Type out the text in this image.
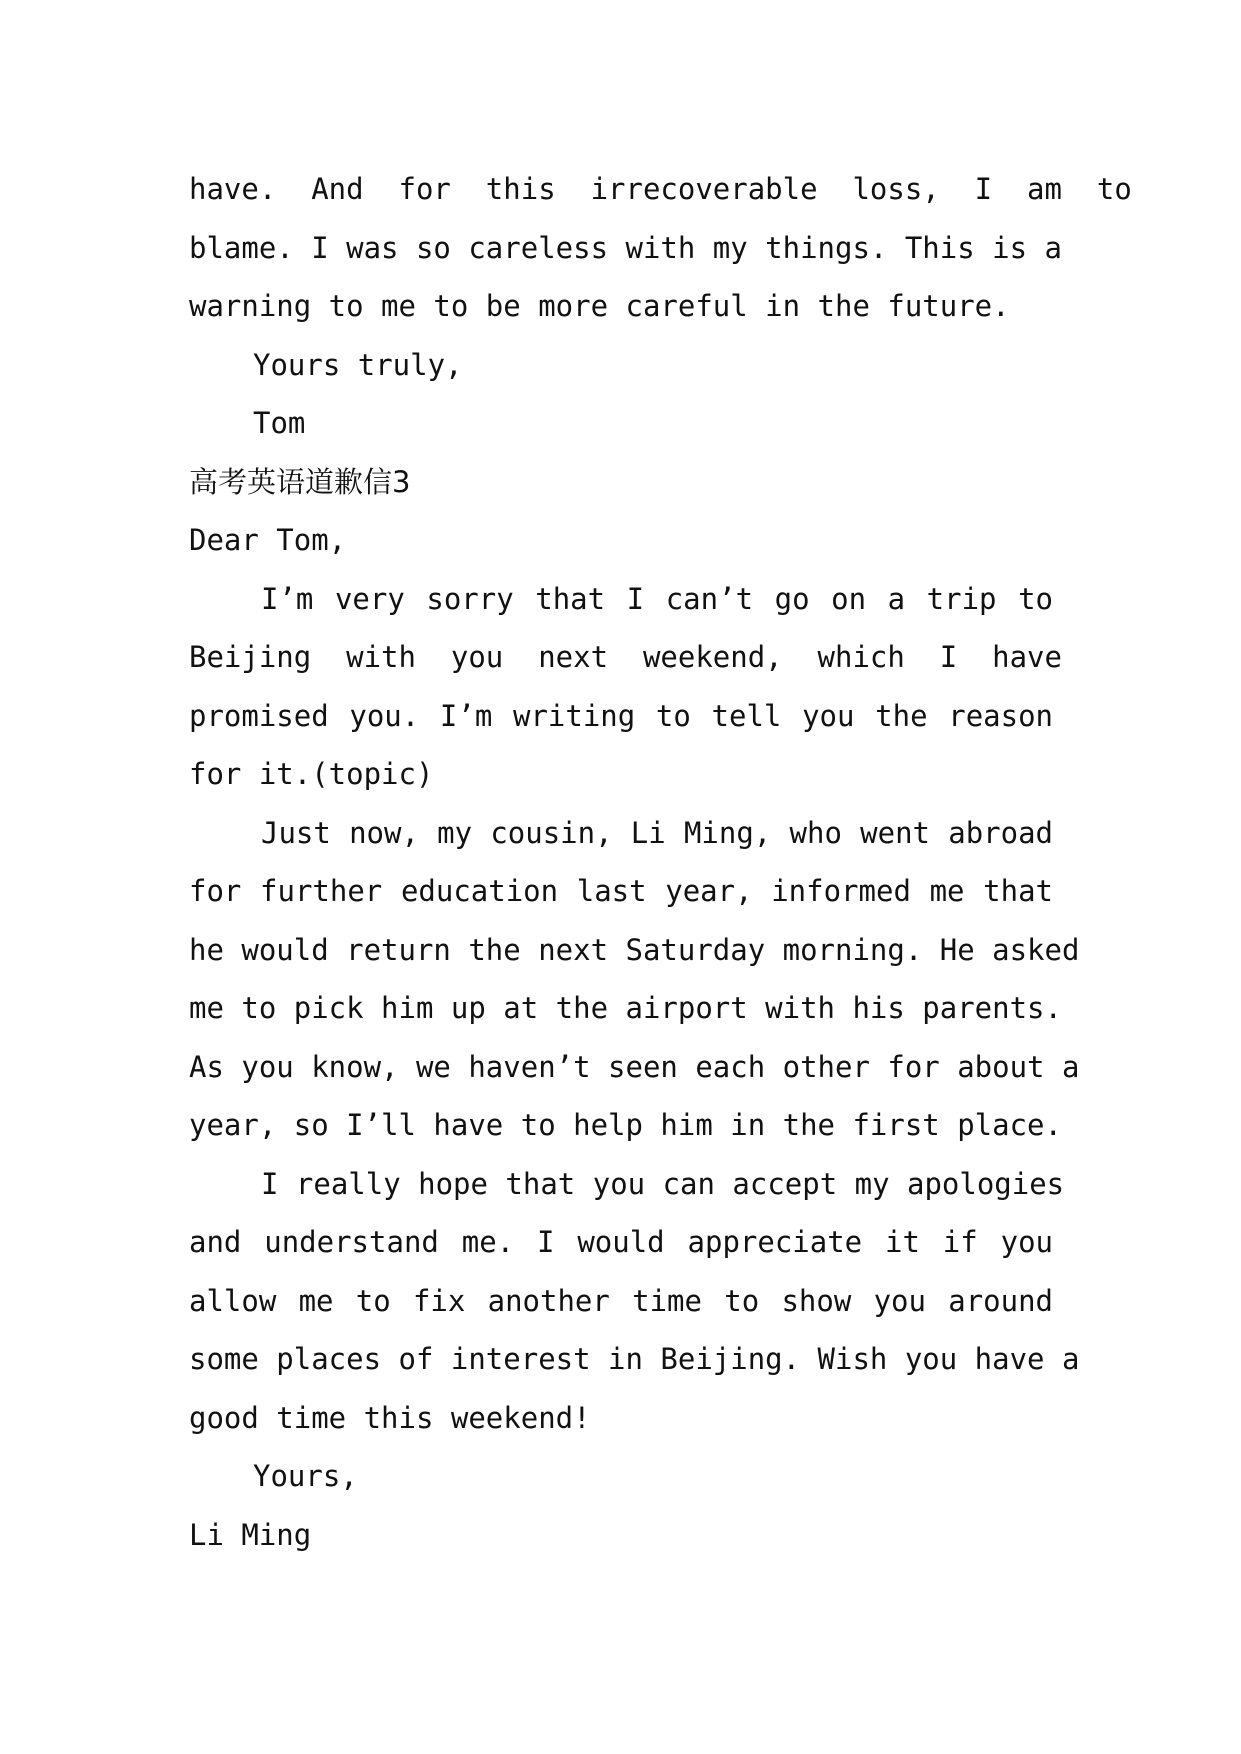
have.  And  for  this  irrecoverable  loss,  I  am  to
blame. I was so careless with my things. This is a
warning to me to be more careful in the future.
Yours truly,
Tom
高考英语道歉信3
Dear Tom,
I’m very sorry that I can’t go on a trip to
Beijing  with  you  next  weekend,  which  I  have
promised you. I’m writing to tell you the reason
for it.(topic)
Just now, my cousin, Li Ming, who went abroad
for further education last year, informed me that
he would return the next Saturday morning. He asked
me to pick him up at the airport with his parents.
As you know, we haven’t seen each other for about a
year, so I’ll have to help him in the first place.
I really hope that you can accept my apologies
and understand me. I would appreciate it if you
allow me to fix another time to show you around
some places of interest in Beijing. Wish you have a
good time this weekend!
Yours,
Li Ming
